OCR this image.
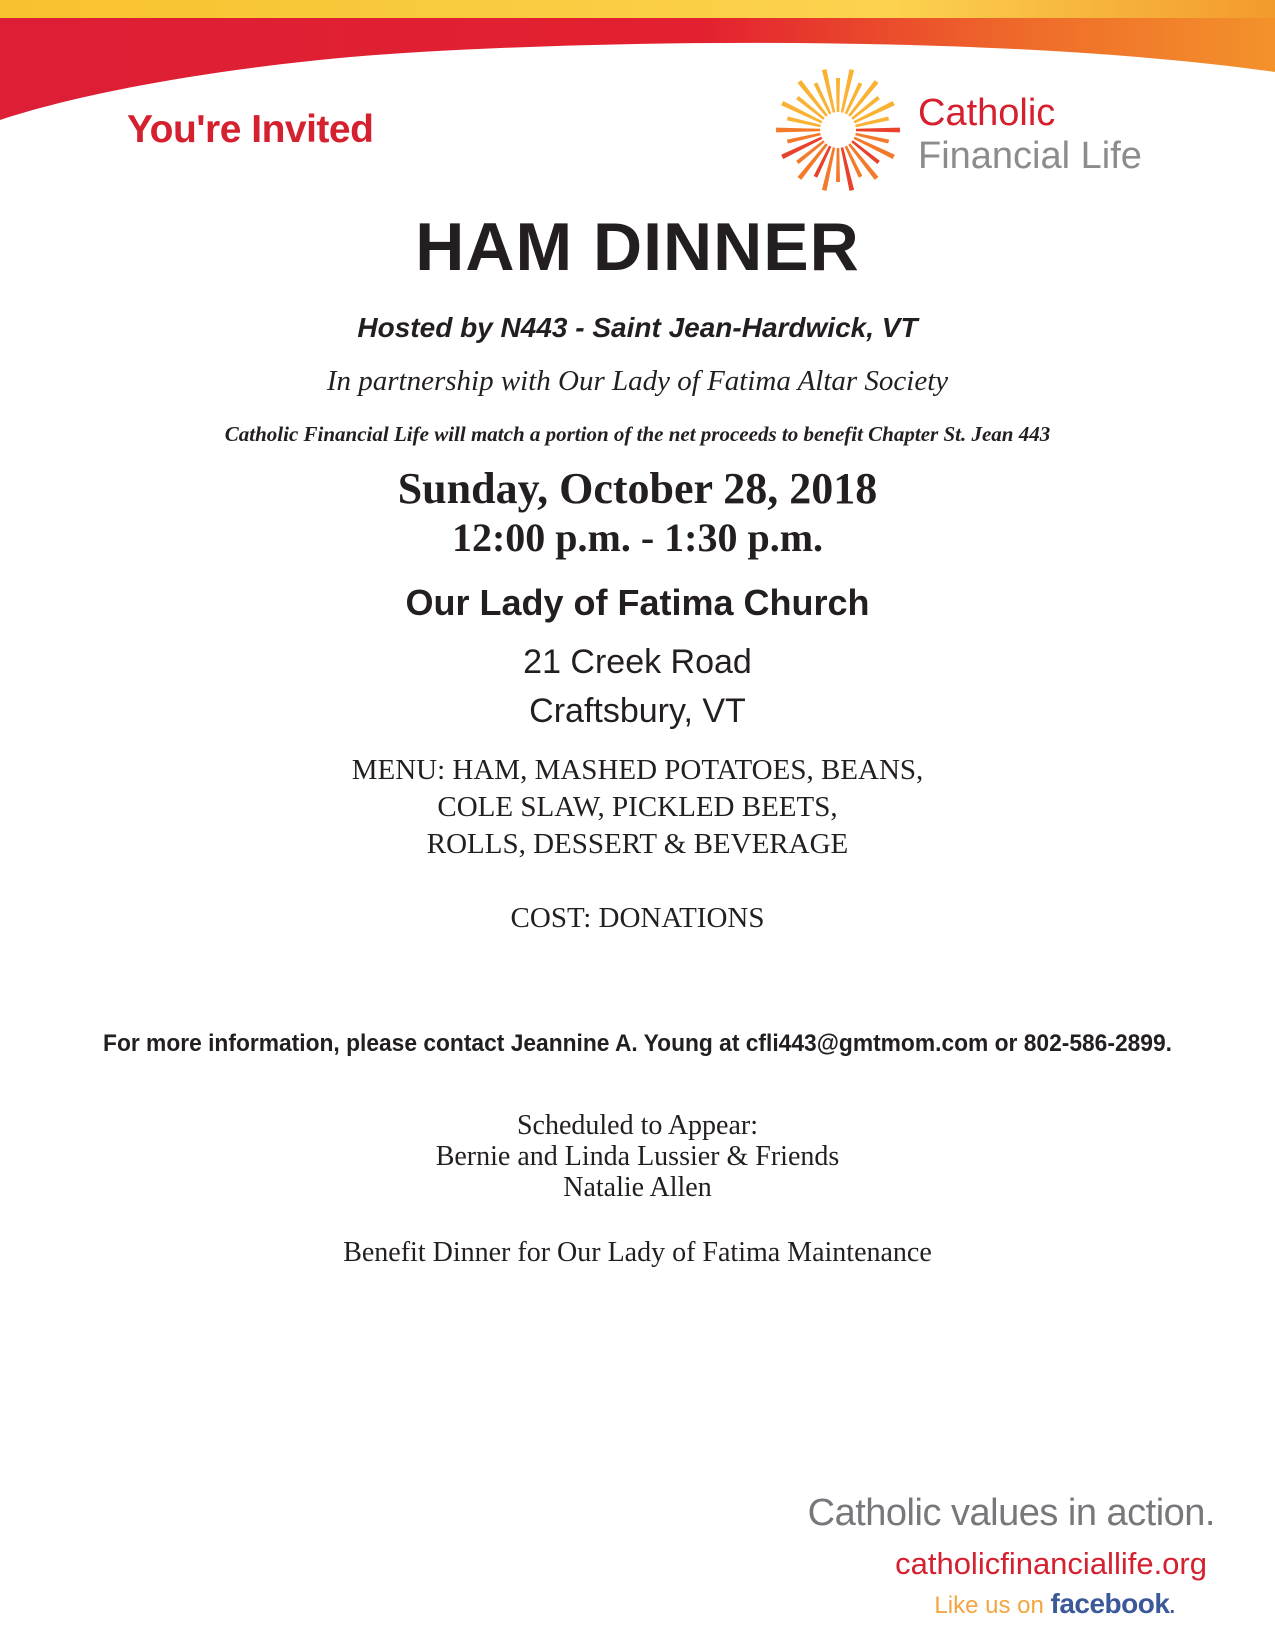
You're Invited	Catholic
Financial Life
HAM DINNER
Hosted by N443 - Saint Jean-Hardwick, VT
In partnership with Our Lady of Fatima Altar Society
Catholic Financial Life will match a portion of the net proceeds to benefit Chapter St. Jean 443
Sunday, October 28, 2018
12:00 p.m. - 1:30 p.m.
Our Lady of Fatima Church
21 Creek Road
Craftsbury, VT
MENU: HAM, MASHED POTATOES, BEANS,
COLE SLAW, PICKLED BEETS,
ROLLS, DESSERT & BEVERAGE
COST: DONATIONS
For more information, please contact Jeannine A. Young at cfli443@gmtmom.com or 802-586-2899.
Scheduled to Appear:
Bernie and Linda Lussier & Friends
Natalie Allen
Benefit Dinner for Our Lady of Fatima Maintenance
Catholic values in action.
catholicfinanciallife.org
Like us on facebook.
